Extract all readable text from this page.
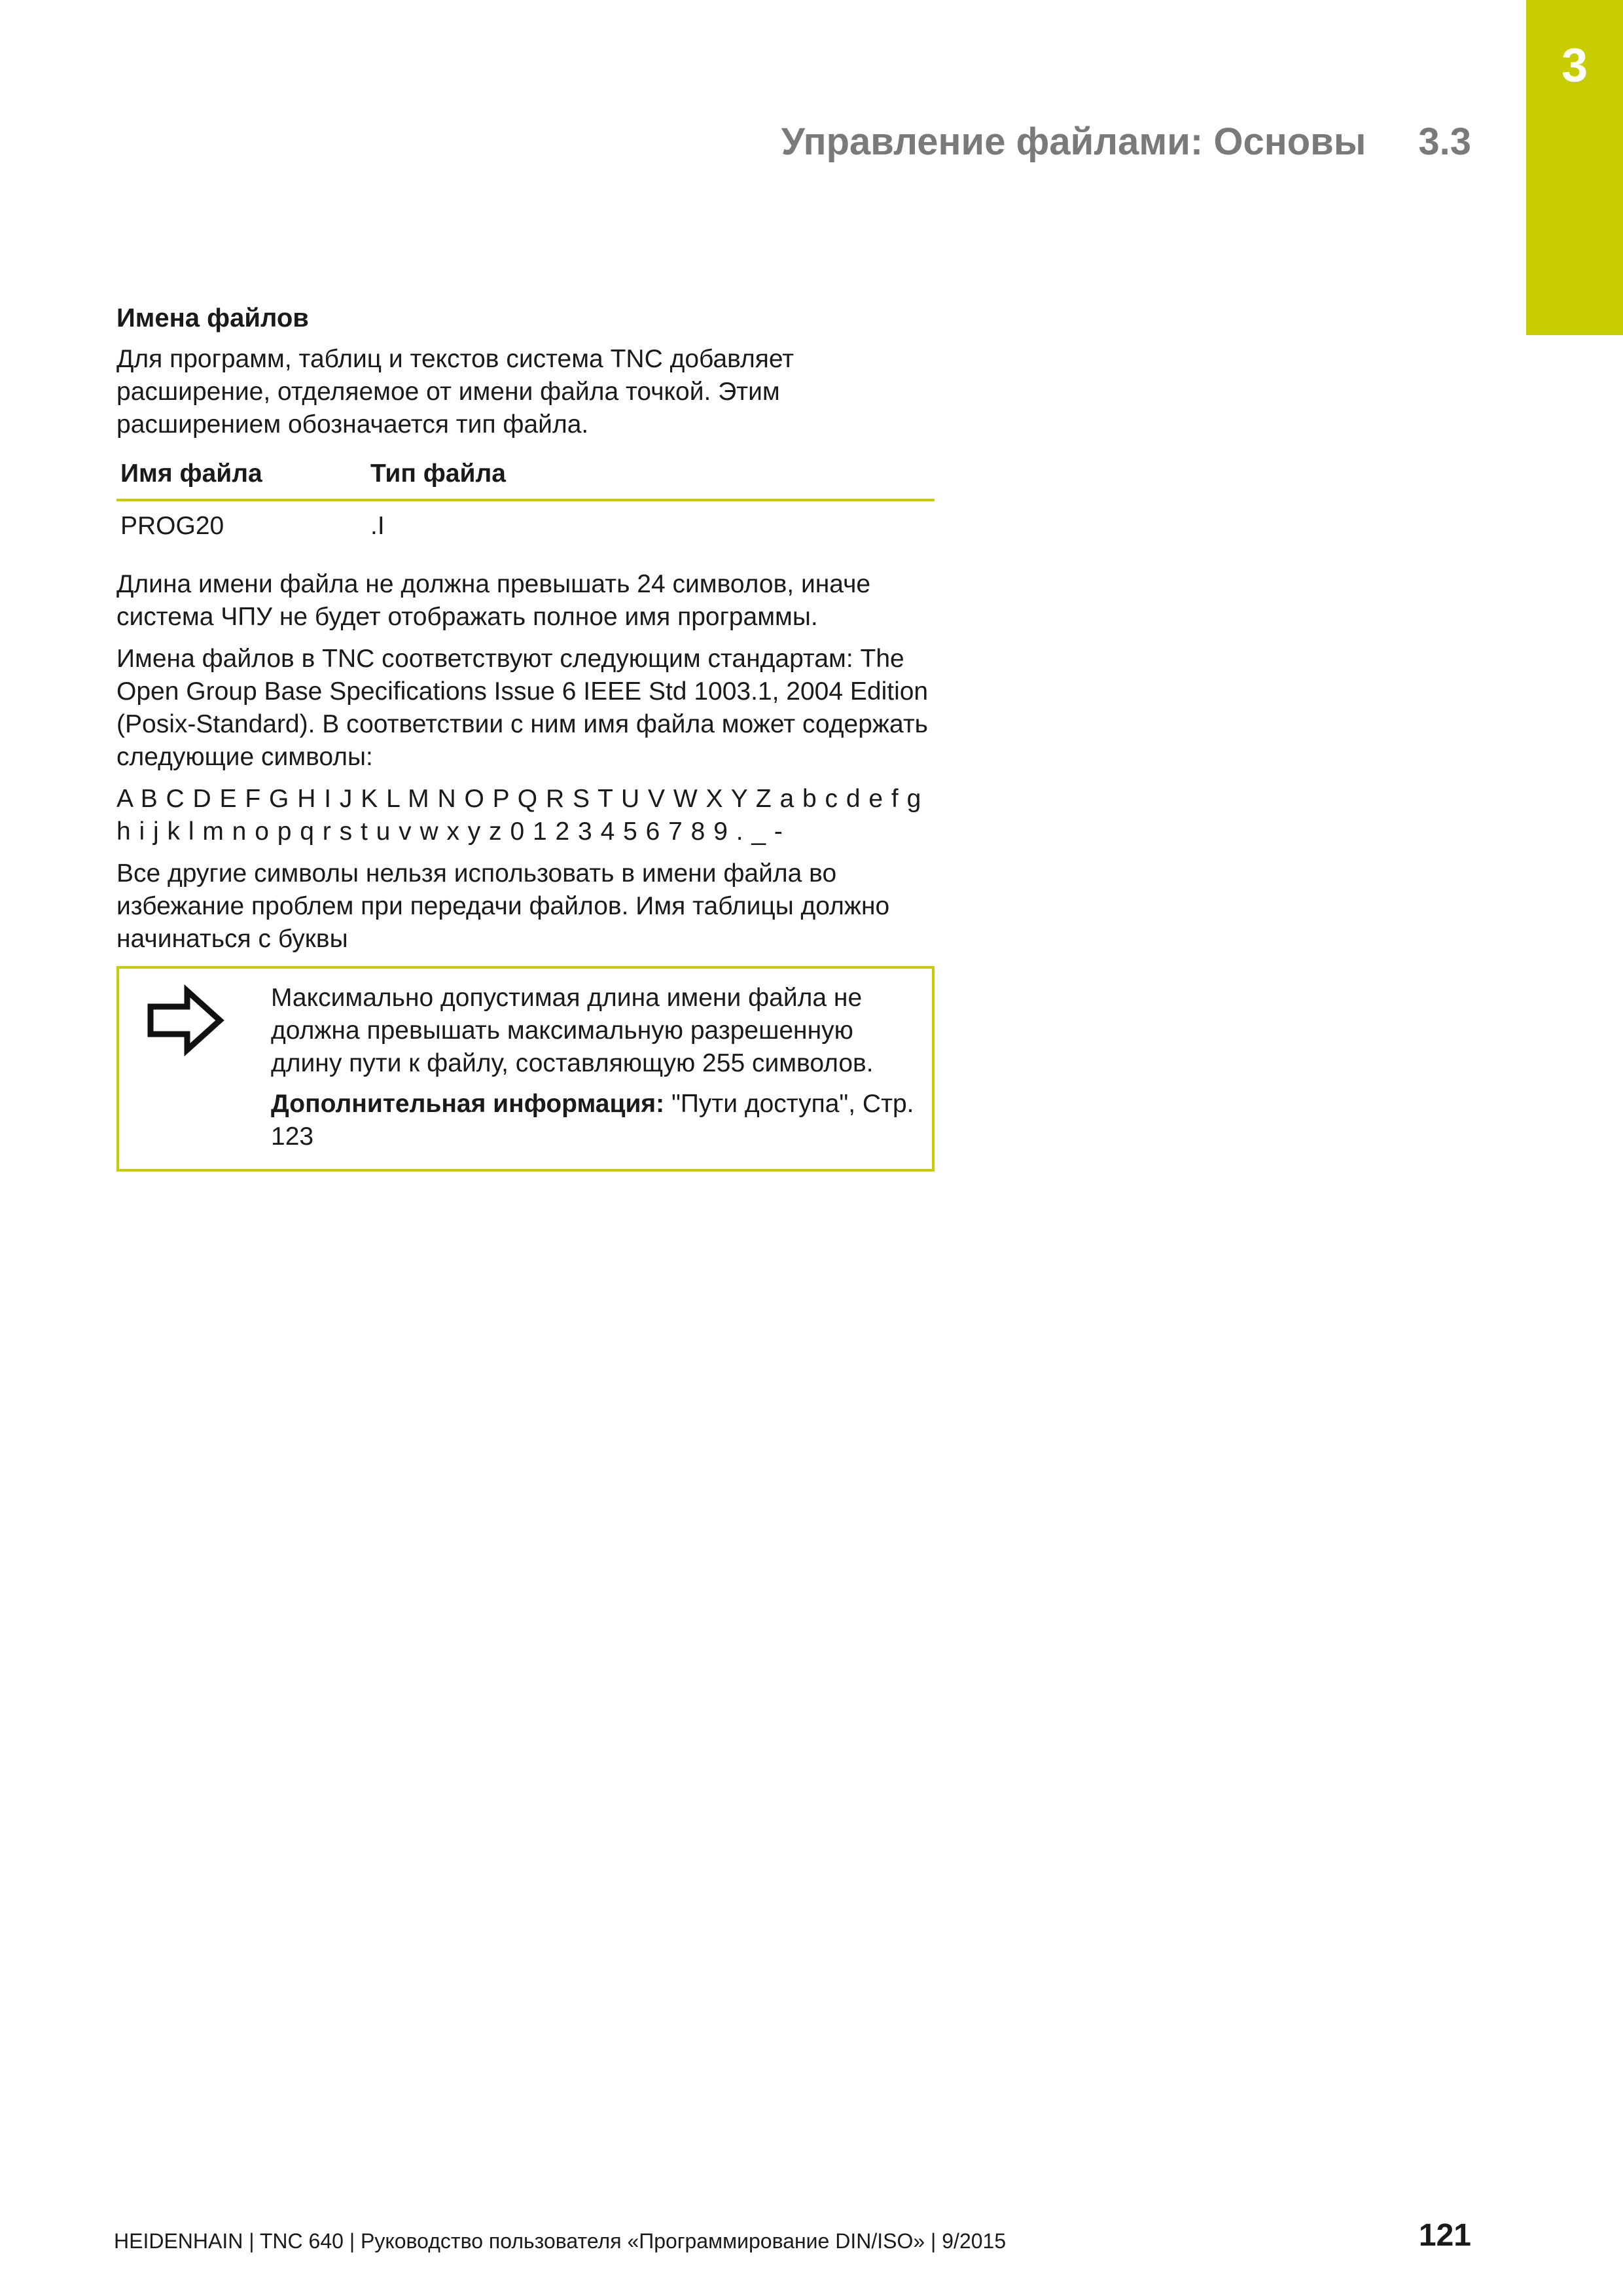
3
Управление файлами: Основы 3.3
Имена файлов

Для программ, таблиц и текстов система TNC добавляет расширение, отделяемое от имени файла точкой. Этим расширением обозначается тип файла.

Имя файла	Тип файла
PROG20	.I

Длина имени файла не должна превышать 24 символов, иначе система ЧПУ не будет отображать полное имя программы.

Имена файлов в TNC соответствуют следующим стандартам: The Open Group Base Specifications Issue 6 IEEE Std 1003.1, 2004 Edition (Posix-Standard). В соответствии с ним имя файла может содержать следующие символы:

A B C D E F G H I J K L M N O P Q R S T U V W X Y Z a b c d e f g h i j k l m n o p q r s t u v w x y z 0 1 2 3 4 5 6 7 8 9 . _ -

Все другие символы нельзя использовать в имени файла во избежание проблем при передачи файлов. Имя таблицы должно начинаться с буквы

Максимально допустимая длина имени файла не должна превышать максимальную разрешенную длину пути к файлу, составляющую 255 символов.

Дополнительная информация: "Пути доступа", Стр. 123

HEIDENHAIN | TNC 640 | Руководство пользователя «Программирование DIN/ISO» | 9/2015	121
